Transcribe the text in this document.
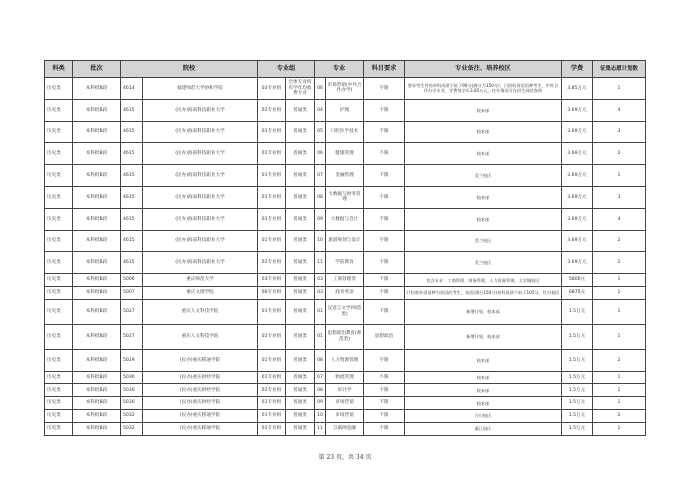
科类	批次	院校		专业组		专业		科目要求	专业备注、培养校区	学费	征集志愿计划数
历史类	本科批B段	4614	福建师范大学协和学院	03专业组	全体专业所有学年均收费专业	06	市场营销(中外合作办学)	不限	要求考生外语单科成绩不低于90分(满分为150分)，只招收英语语种考生，中外合作办学专业，学费每学年3.85万元，往年情况可在招生网站查询	3.85万元	1
历史类	本科批B段	4615	(民办)海南科技职业大学	01专业组	普通类	04	护理	不限	校本部	3.69万元	4
历史类	本科批B段	4615	(民办)海南科技职业大学	01专业组	普通类	05	口腔医学技术	不限	校本部	3.69万元	3
历史类	本科批B段	4615	(民办)海南科技职业大学	01专业组	普通类	06	健康管理	不限	校本部	3.69万元	2
历史类	本科批B段	4615	(民办)海南科技职业大学	01专业组	普通类	07	金融管理	不限	美兰校区	3.69万元	1
历史类	本科批B段	4615	(民办)海南科技职业大学	01专业组	普通类	08	大数据与财务管理	不限	校本部	3.69万元	3
历史类	本科批B段	4615	(民办)海南科技职业大学	01专业组	普通类	09	大数据与会计	不限	校本部	3.69万元	4
历史类	本科批B段	4615	(民办)海南科技职业大学	01专业组	普通类	10	旅游规划与设计	不限	美兰校区	3.69万元	2
历史类	本科批B段	4615	(民办)海南科技职业大学	01专业组	普通类	11	学前教育	不限	美兰校区	3.69万元	2
历史类	本科批B段	5006	重庆师范大学	03专业组	普通类	03	工商管理类	不限	包含专业：工商管理、财务管理、人力资源管理，大学城校区	5800元	1
历史类	本科批B段	5007	重庆文理学院	06专业组	普通类	03	商务英语	不限	只招收外语语种为英语的考生，英语(满分150分)单科成绩不低于105分，红河校区	6875元	1
历史类	本科批B段	5027	重庆人文科技学院	01专业组	普通类	01	汉语言文学(师范类)	不限	新增计划，校本部	1.5万元	1
历史类	本科批B段	5027	重庆人文科技学院	02专业组	普通类	01	思想政治教育(师范类)	思想政治	新增计划，校本部	1.5万元	1
历史类	本科批B段	5029	(民办)重庆移通学院	01专业组	普通类	08	人力资源管理	不限	校本部	1.5万元	2
历史类	本科批B段	5030	(民办)重庆财经学院	01专业组	普通类	07	物流管理	不限	校本部	1.5万元	1
历史类	本科批B段	5030	(民办)重庆财经学院	01专业组	普通类	08	审计学	不限	校本部	1.5万元	1
历史类	本科批B段	5030	(民办)重庆财经学院	01专业组	普通类	09	市场营销	不限	校本部	1.5万元	1
历史类	本科批B段	5032	(民办)重庆移通学院	01专业组	普通类	10	市场营销	不限	合川校区	1.5万元	2
历史类	本科批B段	5032	(民办)重庆移通学院	01专业组	普通类	11	互联网金融	不限	綦江校区	1.5万元	1
第 23 页，共 34 页
